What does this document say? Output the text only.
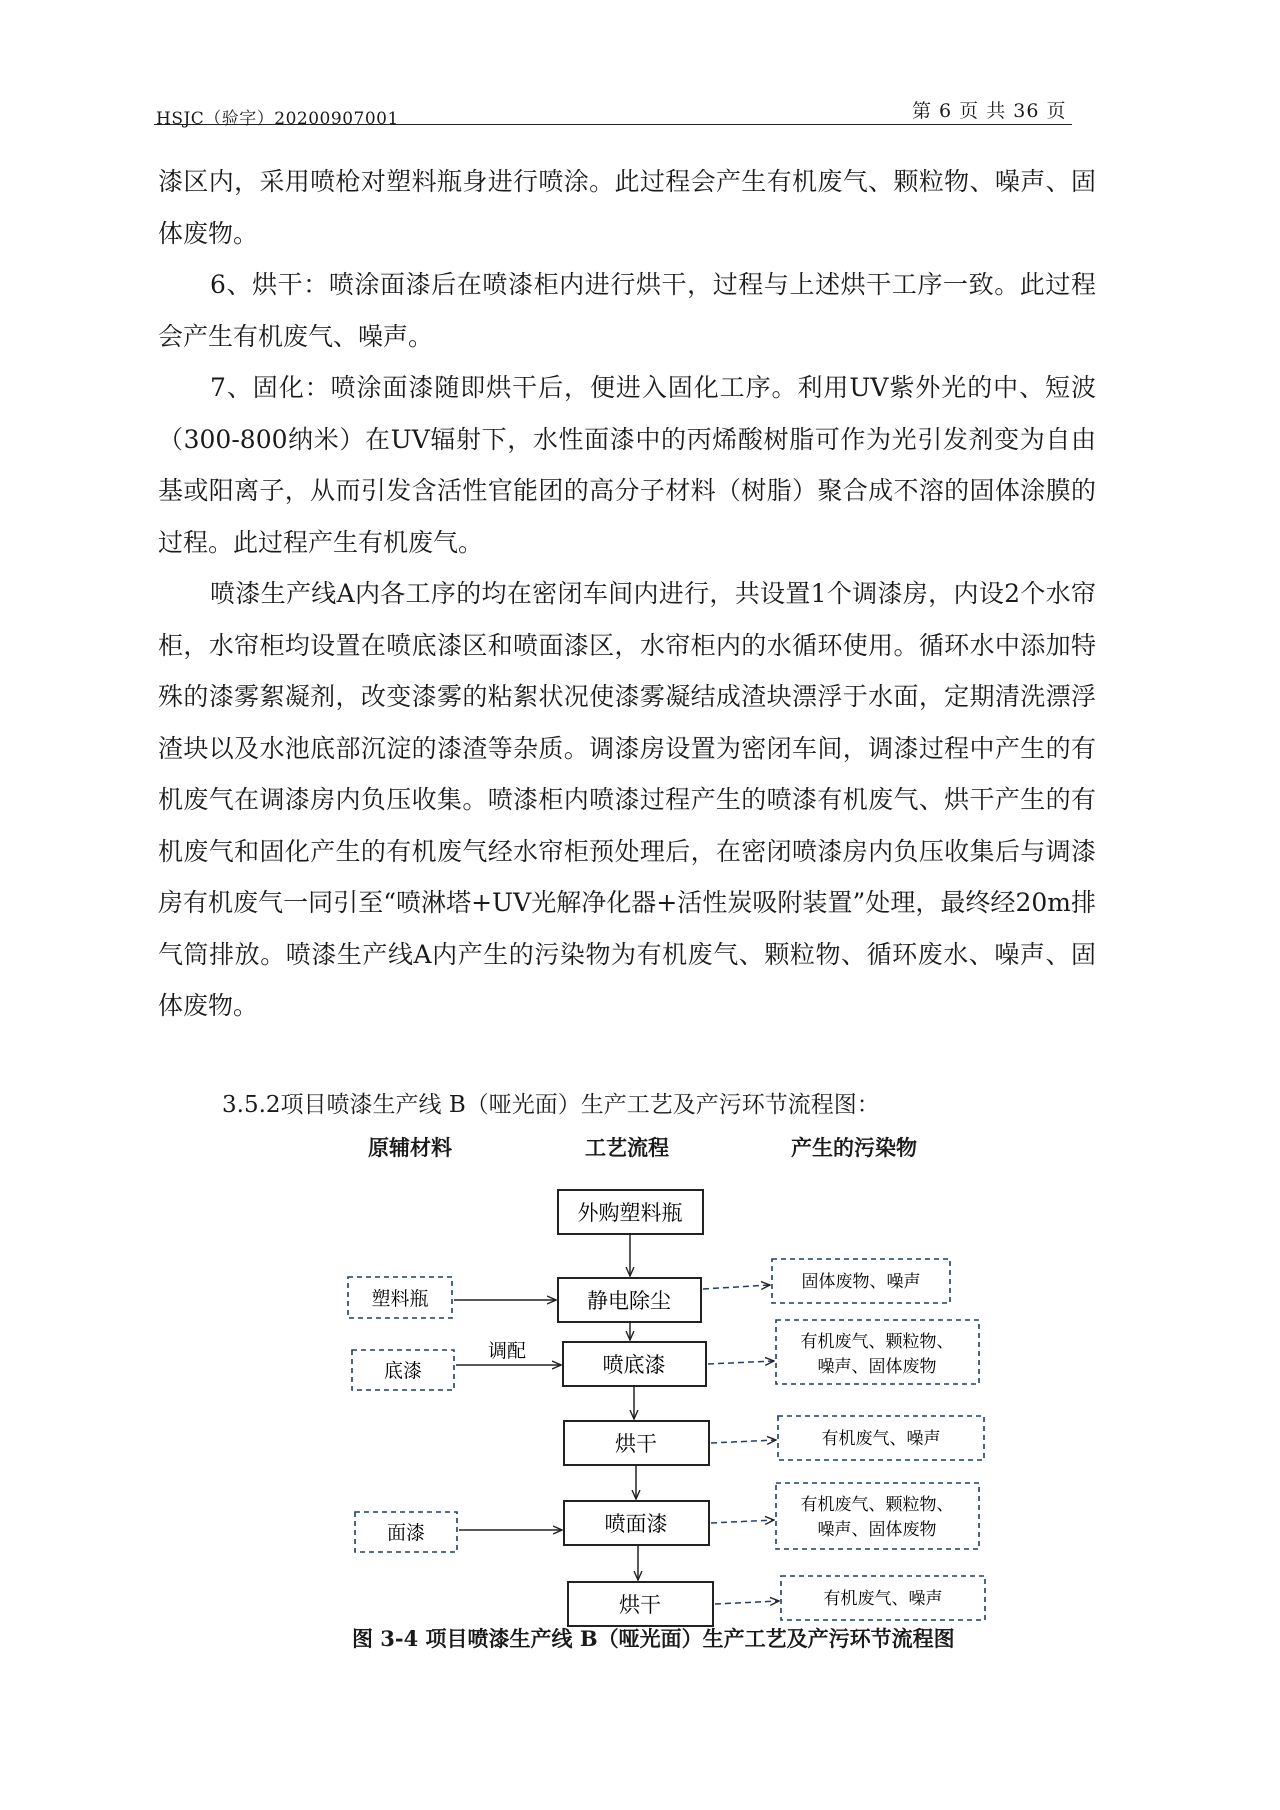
HSJC（验字）20200907001	第 6 页 共 36 页

漆区内，采用喷枪对塑料瓶身进行喷涂。此过程会产生有机废气、颗粒物、噪声、固体废物。

6、烘干：喷涂面漆后在喷漆柜内进行烘干，过程与上述烘干工序一致。此过程会产生有机废气、噪声。

7、固化：喷涂面漆随即烘干后，便进入固化工序。利用UV紫外光的中、短波（300-800纳米）在UV辐射下，水性面漆中的丙烯酸树脂可作为光引发剂变为自由基或阳离子，从而引发含活性官能团的高分子材料（树脂）聚合成不溶的固体涂膜的过程。此过程产生有机废气。

喷漆生产线A内各工序的均在密闭车间内进行，共设置1个调漆房，内设2个水帘柜，水帘柜均设置在喷底漆区和喷面漆区，水帘柜内的水循环使用。循环水中添加特殊的漆雾絮凝剂，改变漆雾的粘絮状况使漆雾凝结成渣块漂浮于水面，定期清洗漂浮渣块以及水池底部沉淀的漆渣等杂质。调漆房设置为密闭车间，调漆过程中产生的有机废气在调漆房内负压收集。喷漆柜内喷漆过程产生的喷漆有机废气、烘干产生的有机废气和固化产生的有机废气经水帘柜预处理后，在密闭喷漆房内负压收集后与调漆房有机废气一同引至“喷淋塔+UV光解净化器+活性炭吸附装置”处理，最终经20m排气筒排放。喷漆生产线A内产生的污染物为有机废气、颗粒物、循环废水、噪声、固体废物。

3.5.2项目喷漆生产线 B（哑光面）生产工艺及产污环节流程图：
原辅材料	工艺流程	产生的污染物
外购塑料瓶
静电除尘
喷底漆
烘干
喷面漆
烘干
塑料瓶
底漆
面漆
调配
固体废物、噪声
有机废气、颗粒物、
噪声、固体废物
有机废气、噪声
有机废气、颗粒物、
噪声、固体废物
有机废气、噪声
图 3-4 项目喷漆生产线 B（哑光面）生产工艺及产污环节流程图
